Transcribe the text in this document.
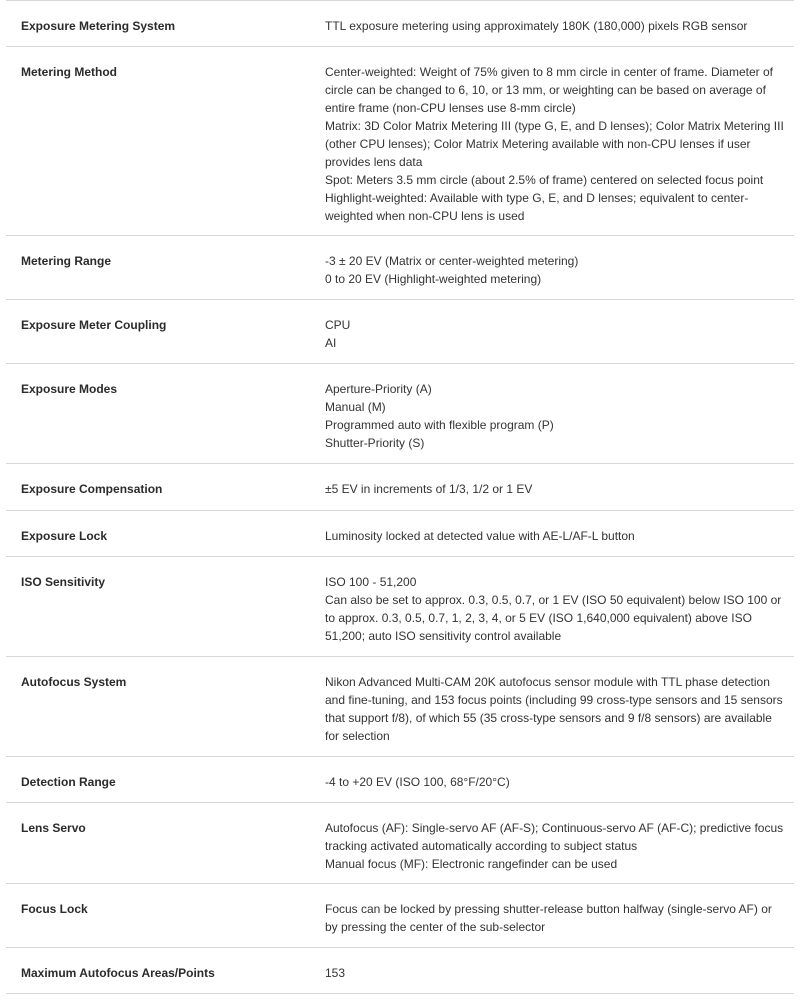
Exposure Metering System	TTL exposure metering using approximately 180K (180,000) pixels RGB sensor
Metering Method	Center-weighted: Weight of 75% given to 8 mm circle in center of frame. Diameter of circle can be changed to 6, 10, or 13 mm, or weighting can be based on average of entire frame (non-CPU lenses use 8-mm circle)
Matrix: 3D Color Matrix Metering III (type G, E, and D lenses); Color Matrix Metering III (other CPU lenses); Color Matrix Metering available with non-CPU lenses if user provides lens data
Spot: Meters 3.5 mm circle (about 2.5% of frame) centered on selected focus point
Highlight-weighted: Available with type G, E, and D lenses; equivalent to center-weighted when non-CPU lens is used
Metering Range	-3 ± 20 EV (Matrix or center-weighted metering)
0 to 20 EV (Highlight-weighted metering)
Exposure Meter Coupling	CPU
AI
Exposure Modes	Aperture-Priority (A)
Manual (M)
Programmed auto with flexible program (P)
Shutter-Priority (S)
Exposure Compensation	±5 EV in increments of 1/3, 1/2 or 1 EV
Exposure Lock	Luminosity locked at detected value with AE-L/AF-L button
ISO Sensitivity	ISO 100 - 51,200
Can also be set to approx. 0.3, 0.5, 0.7, or 1 EV (ISO 50 equivalent) below ISO 100 or to approx. 0.3, 0.5, 0.7, 1, 2, 3, 4, or 5 EV (ISO 1,640,000 equivalent) above ISO 51,200; auto ISO sensitivity control available
Autofocus System	Nikon Advanced Multi-CAM 20K autofocus sensor module with TTL phase detection and fine-tuning, and 153 focus points (including 99 cross-type sensors and 15 sensors that support f/8), of which 55 (35 cross-type sensors and 9 f/8 sensors) are available for selection
Detection Range	-4 to +20 EV (ISO 100, 68°F/20°C)
Lens Servo	Autofocus (AF): Single-servo AF (AF-S); Continuous-servo AF (AF-C); predictive focus tracking activated automatically according to subject status
Manual focus (MF): Electronic rangefinder can be used
Focus Lock	Focus can be locked by pressing shutter-release button halfway (single-servo AF) or by pressing the center of the sub-selector
Maximum Autofocus Areas/Points	153
